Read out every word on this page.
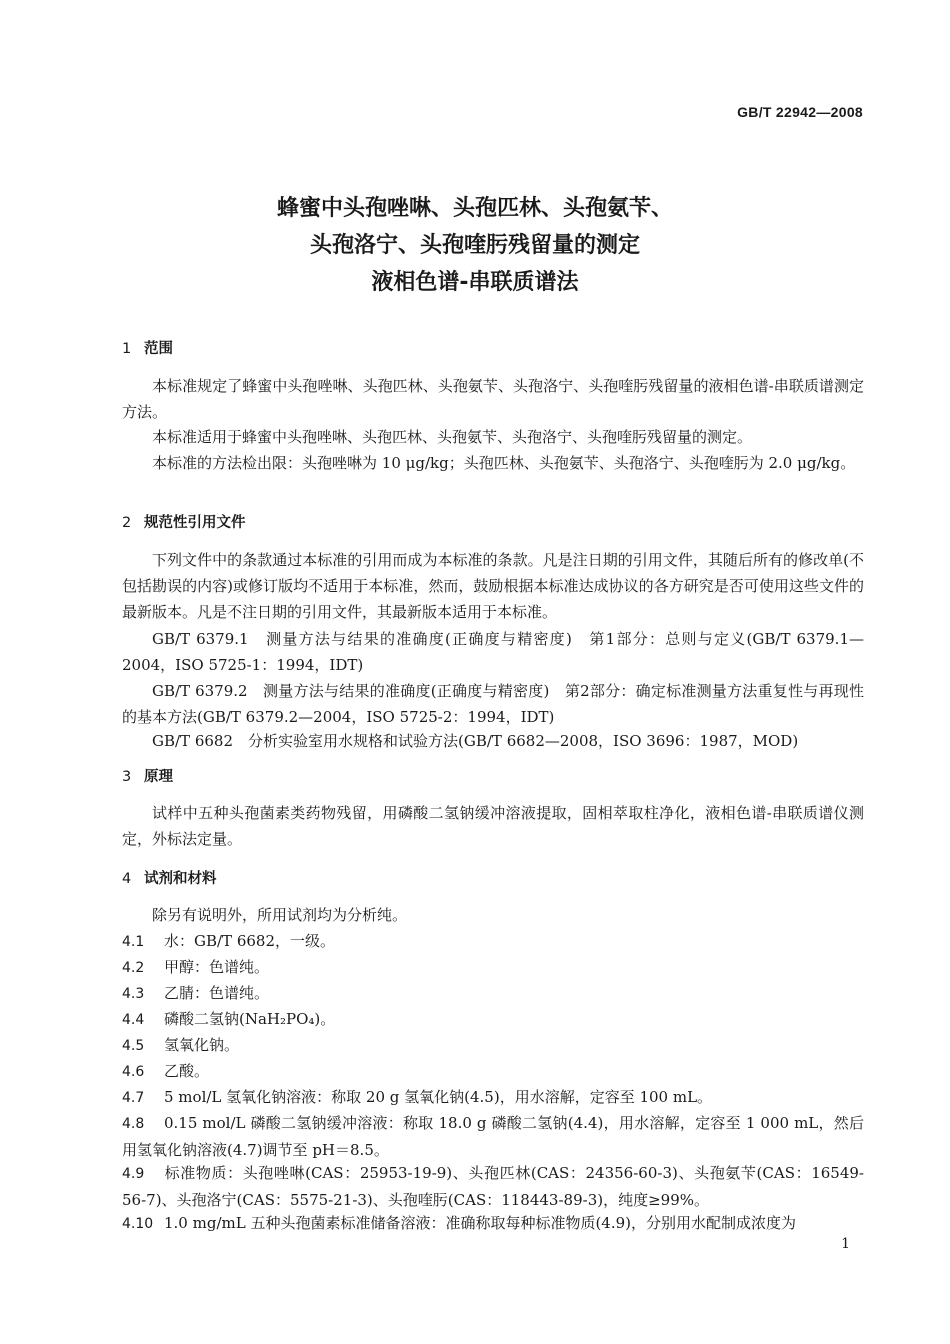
GB/T 22942—2008
蜂蜜中头孢唑啉、头孢匹林、头孢氨苄、
头孢洛宁、头孢喹肟残留量的测定
液相色谱-串联质谱法
1 范围
本标准规定了蜂蜜中头孢唑啉、头孢匹林、头孢氨苄、头孢洛宁、头孢喹肟残留量的液相色谱-串联质谱测定方法。
本标准适用于蜂蜜中头孢唑啉、头孢匹林、头孢氨苄、头孢洛宁、头孢喹肟残留量的测定。
本标准的方法检出限：头孢唑啉为 10 μg/kg；头孢匹林、头孢氨苄、头孢洛宁、头孢喹肟为 2.0 μg/kg。
2 规范性引用文件
下列文件中的条款通过本标准的引用而成为本标准的条款。凡是注日期的引用文件，其随后所有的修改单(不包括勘误的内容)或修订版均不适用于本标准，然而，鼓励根据本标准达成协议的各方研究是否可使用这些文件的最新版本。凡是不注日期的引用文件，其最新版本适用于本标准。
GB/T 6379.1　测量方法与结果的准确度(正确度与精密度)　第1部分：总则与定义(GB/T 6379.1—2004，ISO 5725-1：1994，IDT)
GB/T 6379.2　测量方法与结果的准确度(正确度与精密度)　第2部分：确定标准测量方法重复性与再现性的基本方法(GB/T 6379.2—2004，ISO 5725-2：1994，IDT)
GB/T 6682　分析实验室用水规格和试验方法(GB/T 6682—2008，ISO 3696：1987，MOD)
3 原理
试样中五种头孢菌素类药物残留，用磷酸二氢钠缓冲溶液提取，固相萃取柱净化，液相色谱-串联质谱仪测定，外标法定量。
4 试剂和材料
除另有说明外，所用试剂均为分析纯。
4.1 水：GB/T 6682，一级。
4.2 甲醇：色谱纯。
4.3 乙腈：色谱纯。
4.4 磷酸二氢钠(NaH₂PO₄)。
4.5 氢氧化钠。
4.6 乙酸。
4.7 5 mol/L 氢氧化钠溶液：称取 20 g 氢氧化钠(4.5)，用水溶解，定容至 100 mL。
4.8 0.15 mol/L 磷酸二氢钠缓冲溶液：称取 18.0 g 磷酸二氢钠(4.4)，用水溶解，定容至 1 000 mL，然后用氢氧化钠溶液(4.7)调节至 pH＝8.5。
4.9 标准物质：头孢唑啉(CAS：25953-19-9)、头孢匹林(CAS：24356-60-3)、头孢氨苄(CAS：16549-56-7)、头孢洛宁(CAS：5575-21-3)、头孢喹肟(CAS：118443-89-3)，纯度≥99%。
4.10 1.0 mg/mL 五种头孢菌素标准储备溶液：准确称取每种标准物质(4.9)，分别用水配制成浓度为
1
